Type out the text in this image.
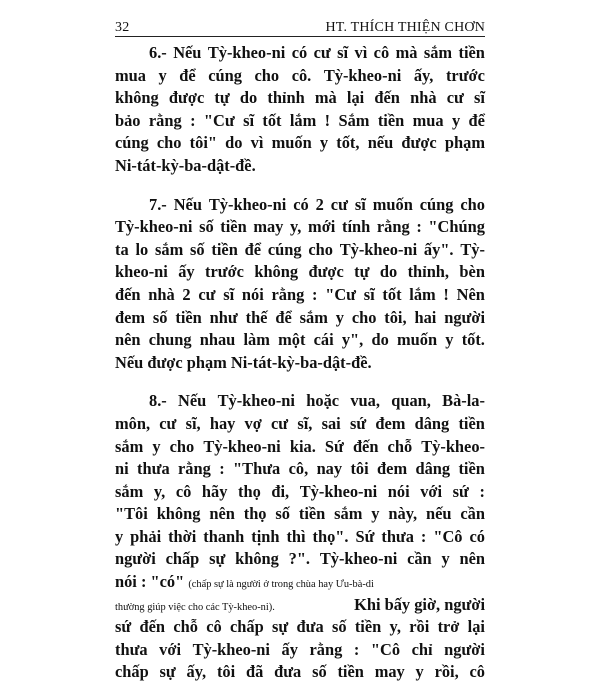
32	HT. THÍCH THIỆN CHƠN
6.- Nếu Tỳ-kheo-ni có cư sĩ vì cô mà sắm tiền
mua y để cúng cho cô. Tỳ-kheo-ni ấy, trước
không được tự do thỉnh mà lại đến nhà cư sĩ
bảo rằng : "Cư sĩ tốt lắm ! Sắm tiền mua y để
cúng cho tôi" do vì muốn y tốt, nếu được phạm
Ni-tát-kỳ-ba-dật-đề.
7.- Nếu Tỳ-kheo-ni có 2 cư sĩ muốn cúng cho
Tỳ-kheo-ni số tiền may y, mới tính rằng : "Chúng
ta lo sắm số tiền để cúng cho Tỳ-kheo-ni ấy". Tỳ-
kheo-ni ấy trước không được tự do thỉnh, bèn
đến nhà 2 cư sĩ nói rằng : "Cư sĩ tốt lắm ! Nên
đem số tiền như thế để sắm y cho tôi, hai người
nên chung nhau làm một cái y", do muốn y tốt.
Nếu được phạm Ni-tát-kỳ-ba-dật-đề.
8.- Nếu Tỳ-kheo-ni hoặc vua, quan, Bà-la-
môn, cư sĩ, hay vợ cư sĩ, sai sứ đem dâng tiền
sắm y cho Tỳ-kheo-ni kia. Sứ đến chỗ Tỳ-kheo-
ni thưa rằng : "Thưa cô, nay tôi đem dâng tiền
sắm y, cô hãy thọ đi, Tỳ-kheo-ni nói với sứ :
"Tôi không nên thọ số tiền sắm y này, nếu cần
y phải thời thanh tịnh thì thọ". Sứ thưa : "Cô có
người chấp sự không ?". Tỳ-kheo-ni cần y nên
nói : "có" (chấp sự là người ở trong chùa hay Ưu-bà-di
thường giúp việc cho các Tỳ-kheo-ni).	Khi bấy giờ, người
sứ đến chỗ cô chấp sự đưa số tiền y, rồi trở lại
thưa với Tỳ-kheo-ni ấy rằng : "Cô chỉ người
chấp sự ấy, tôi đã đưa số tiền may y rồi, cô
